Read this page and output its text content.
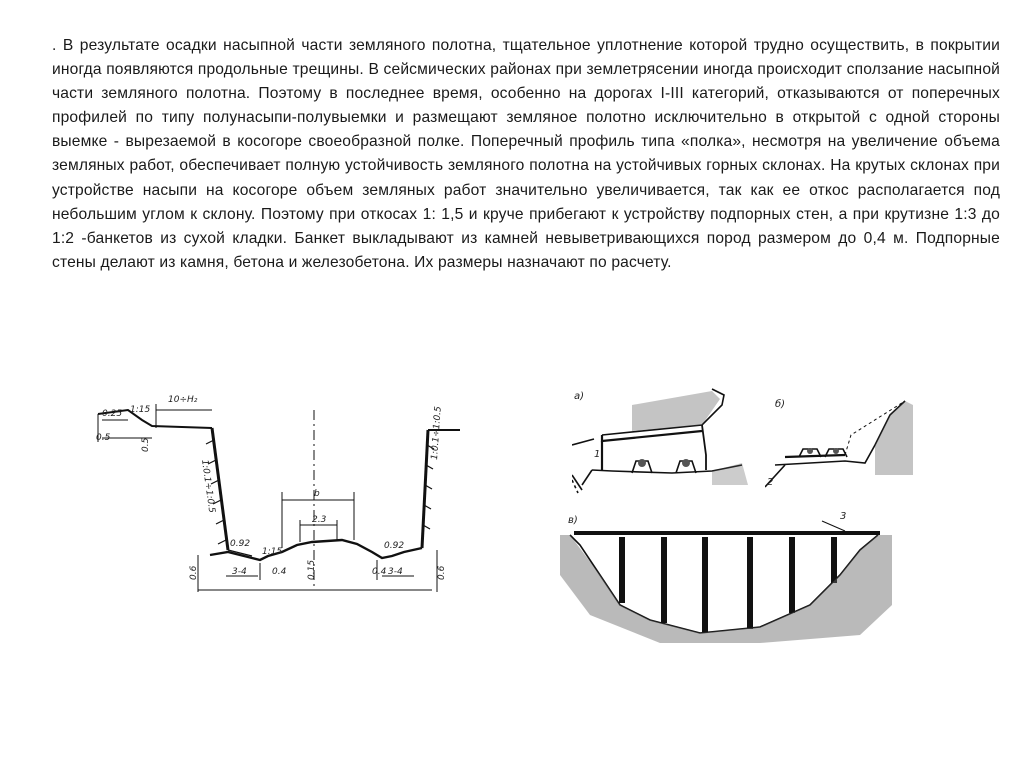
. В результате осадки насыпной части земляного полотна, тщательное уплотнение которой трудно осуществить, в покрытии иногда появляются продольные трещины. В сейсмических районах при землетрясении иногда происходит сползание насыпной части земляного полотна. Поэтому в последнее время, особенно на дорогах I-III категорий, отказываются от поперечных профилей по типу полунасыпи-полувыемки и размещают земляное полотно исключительно в открытой с одной стороны выемке - вырезаемой в косогоре своеобразной полке. Поперечный профиль типа «полка», несмотря на увеличение объема земляных работ, обеспечивает полную устойчивость земляного полотна на устойчивых горных склонах. На крутых склонах при устройстве насыпи на косогоре объем земляных работ значительно увеличивается, так как ее откос располагается под небольшим углом к склону. Поэтому при откосах 1: 1,5 и круче прибегают к устройству подпорных стен, а при крутизне 1:3 до 1:2 -банкетов из сухой кладки. Банкет выкладывают из камней невыветривающихся пород размером до 0,4 м. Подпорные стены делают из камня, бетона и железобетона. Их размеры назначают по расчету.
10÷H₂
0.25 1:15
0.5	0.5
1:0.1÷1:0.5
1:0.1÷1:0.5
b
2.3
0.92	0.92
1:15
0.4	0.4
0.15
3-4	3-4
0.6	0.6
a)
1
б)
2
в)	3
